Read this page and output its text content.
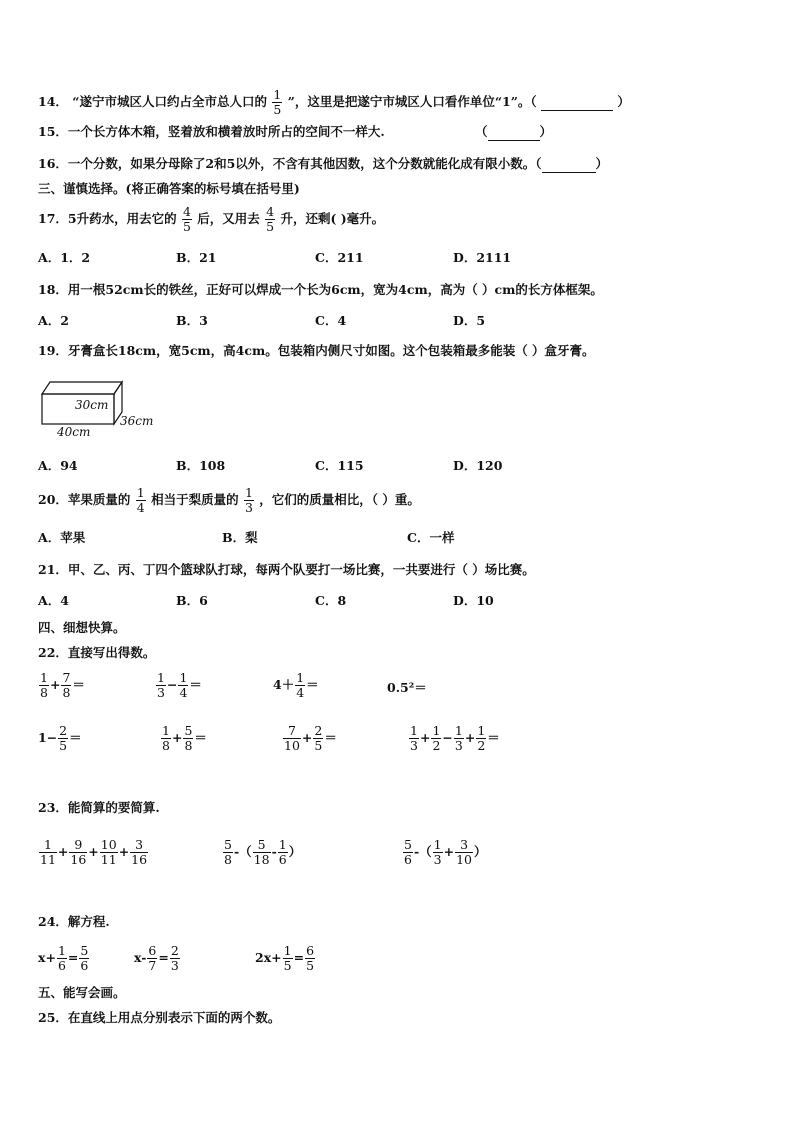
14． “遂宁市城区人口约占全市总人口的 $\frac{1}{5}$ ”，这里是把遂宁市城区人口看作单位“1”。（	）
15．一个长方体木箱，竖着放和横着放时所占的空间不一样大.	（	）
16．一个分数，如果分母除了2和5以外，不含有其他因数，这个分数就能化成有限小数。（	）
三、谨慎选择。(将正确答案的标号填在括号里)
17．5升药水，用去它的 $\frac{4}{5}$ 后，又用去 $\frac{4}{5}$ 升，还剩( )毫升。
A．1．2	B．21	C．211	D．2111
18．用一根52cm长的铁丝，正好可以焊成一个长为6cm，宽为4cm，高为（ ）cm的长方体框架。
A．2	B．3	C．4	D．5
19．牙膏盒长18cm，宽5cm，高4cm。包装箱内侧尺寸如图。这个包装箱最多能装（ ）盒牙膏。
30cm
40cm
36cm
A．94	B．108	C．115	D．120
20．苹果质量的 $\frac{1}{4}$ 相当于梨质量的 $\frac{1}{3}$ ，它们的质量相比，（ ）重。
A．苹果	B．梨	C．一样
21．甲、乙、丙、丁四个篮球队打球，每两个队要打一场比赛，一共要进行（ ）场比赛。
A．4	B．6	C．8	D．10
四、细想快算。
22．直接写出得数。
$\frac{1}{8} + \frac{7}{8}$ ＝	$\frac{1}{3} - \frac{1}{4}$ ＝	$4+ \frac{1}{4}$ ＝	0.5²＝
$1- \frac{2}{5}$ ＝	$\frac{1}{8} + \frac{5}{8}$ ＝	$\frac{7}{10} + \frac{2}{5}$ ＝	$\frac{1}{3} + \frac{1}{2} - \frac{1}{3} + \frac{1}{2}$ ＝
23．能简算的要简算.
$\frac{1}{11} + \frac{9}{16} + \frac{10}{11} + \frac{3}{16}$	$\frac{5}{8}$ -（ $\frac{5}{18} - \frac{1}{6}$ ）	$\frac{5}{6}$ -（ $\frac{1}{3} + \frac{3}{10}$ ）
24．解方程.
$x+ \frac{1}{6} = \frac{5}{6}$	$x- \frac{6}{7} = \frac{2}{3}$	$2x+ \frac{1}{5} = \frac{6}{5}$
五、能写会画。
25．在直线上用点分别表示下面的两个数。
